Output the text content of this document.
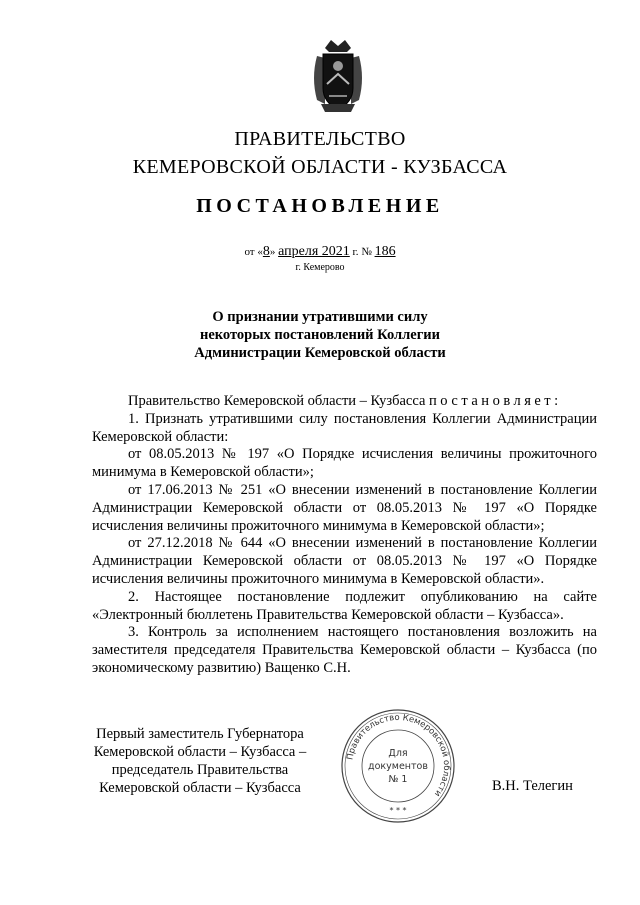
ПРАВИТЕЛЬСТВО
КЕМЕРОВСКОЙ ОБЛАСТИ - КУЗБАССА
ПОСТАНОВЛЕНИЕ
от «8» апреля 2021 г. № 186
г. Кемерово
О признании утратившими силу
некоторых постановлений Коллегии
Администрации Кемеровской области

Правительство Кемеровской области – Кузбасса постановляет:

1. Признать утратившими силу постановления Коллегии Администрации Кемеровской области:

от 08.05.2013 № 197 «О Порядке исчисления величины прожиточного минимума в Кемеровской области»;

от 17.06.2013 № 251 «О внесении изменений в постановление Коллегии Администрации Кемеровской области от 08.05.2013 № 197 «О Порядке исчисления величины прожиточного минимума в Кемеровской области»;

от 27.12.2018 № 644 «О внесении изменений в постановление Коллегии Администрации Кемеровской области от 08.05.2013 № 197 «О Порядке исчисления величины прожиточного минимума в Кемеровской области».

2. Настоящее постановление подлежит опубликованию на сайте «Электронный бюллетень Правительства Кемеровской области – Кузбасса».

3. Контроль за исполнением настоящего постановления возложить на заместителя председателя Правительства Кемеровской области – Кузбасса (по экономическому развитию) Ващенко С.Н.

Первый заместитель Губернатора
Кемеровской области – Кузбасса –
председатель Правительства
Кемеровской области – Кузбасса
Правительство Кемеровской области
Для
документов
№ 1
* * *
В.Н. Телегин
